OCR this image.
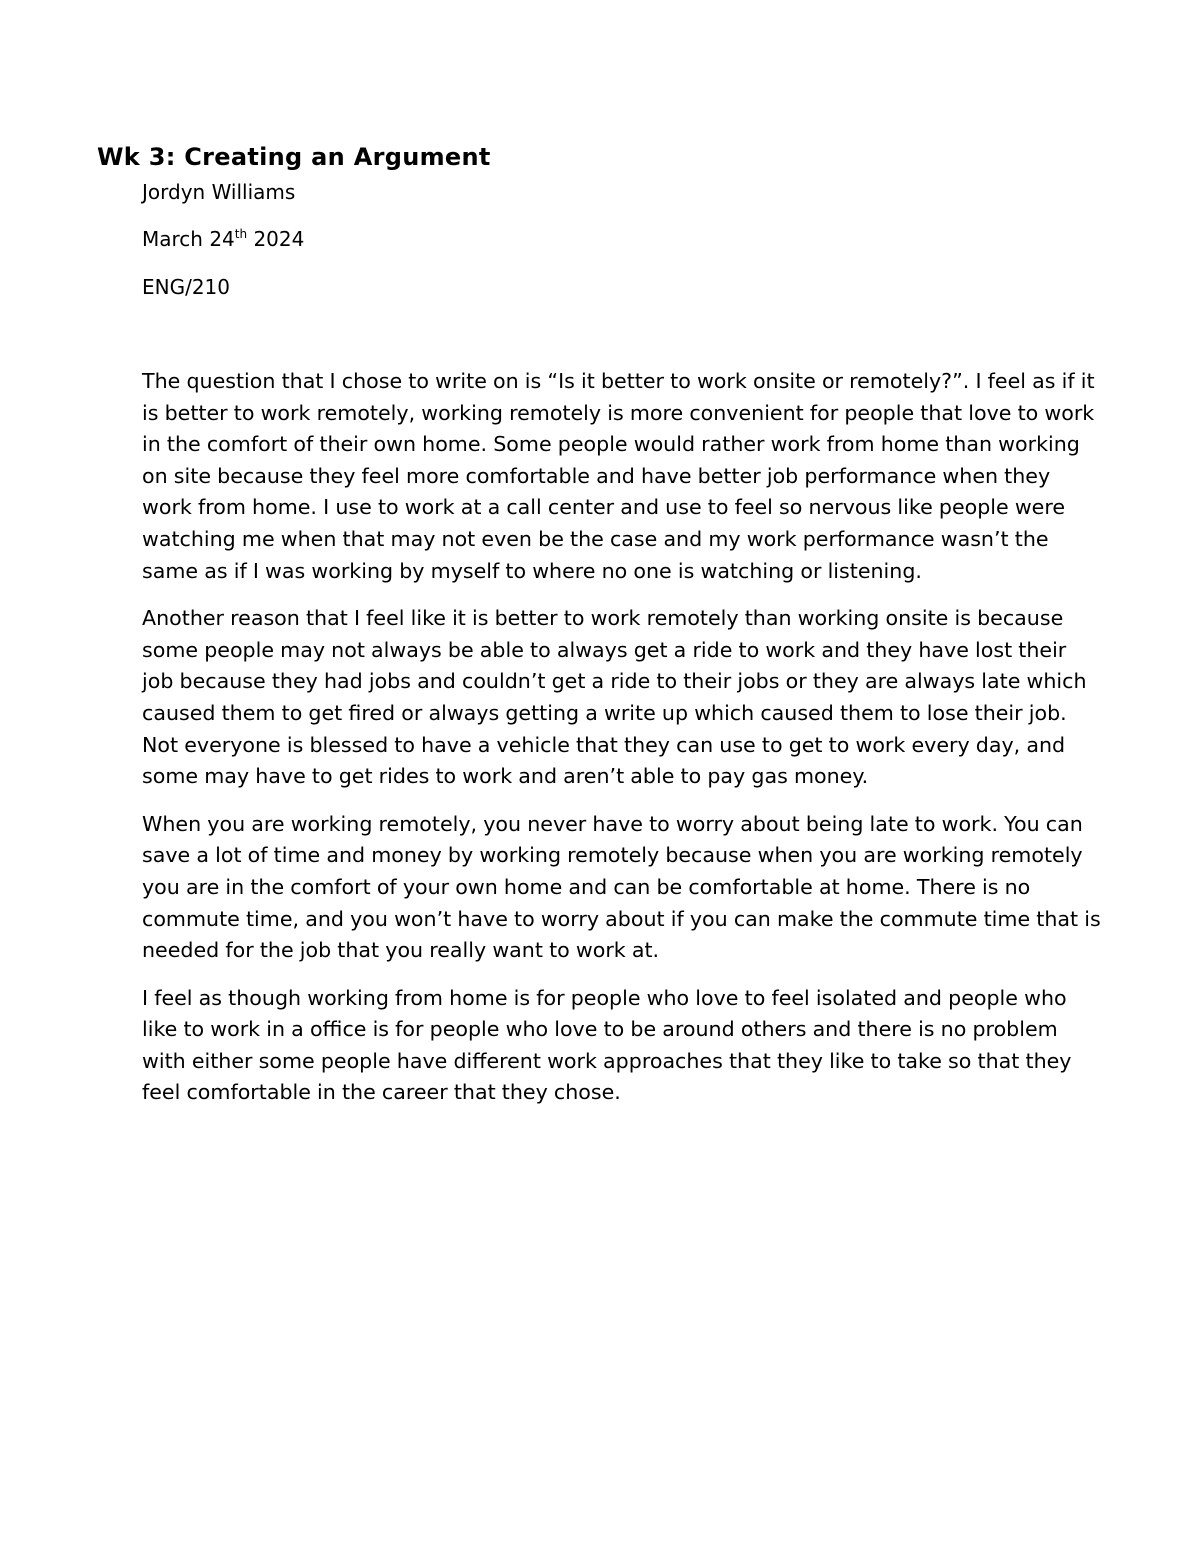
Wk 3: Creating an Argument

Jordyn Williams

March 24th 2024

ENG/210

The question that I chose to write on is “Is it better to work onsite or remotely?”. I feel as if it is better to work remotely, working remotely is more convenient for people that love to work in the comfort of their own home. Some people would rather work from home than working on site because they feel more comfortable and have better job performance when they work from home. I use to work at a call center and use to feel so nervous like people were watching me when that may not even be the case and my work performance wasn’t the same as if I was working by myself to where no one is watching or listening.

Another reason that I feel like it is better to work remotely than working onsite is because some people may not always be able to always get a ride to work and they have lost their job because they had jobs and couldn’t get a ride to their jobs or they are always late which caused them to get fired or always getting a write up which caused them to lose their job. Not everyone is blessed to have a vehicle that they can use to get to work every day, and some may have to get rides to work and aren’t able to pay gas money.

When you are working remotely, you never have to worry about being late to work. You can save a lot of time and money by working remotely because when you are working remotely you are in the comfort of your own home and can be comfortable at home. There is no commute time, and you won’t have to worry about if you can make the commute time that is needed for the job that you really want to work at.

I feel as though working from home is for people who love to feel isolated and people who like to work in a office is for people who love to be around others and there is no problem with either some people have different work approaches that they like to take so that they feel comfortable in the career that they chose.
